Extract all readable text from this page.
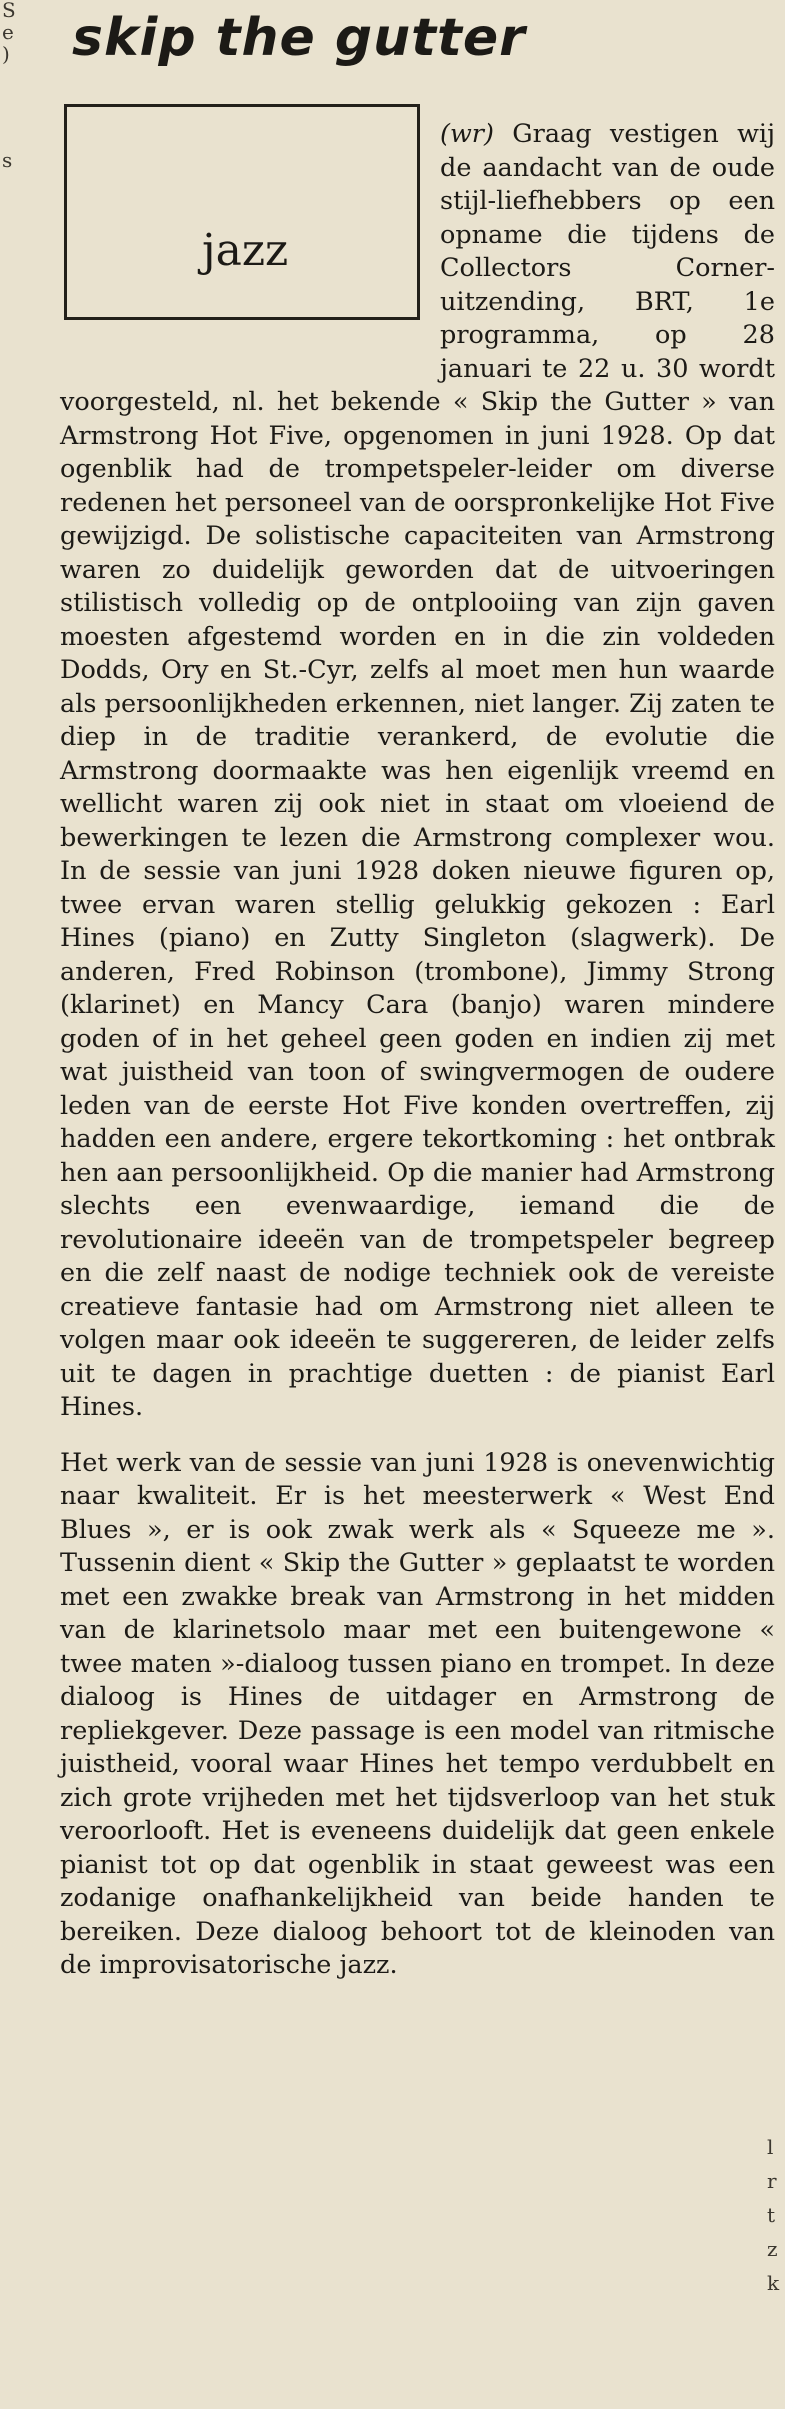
S
e
)
s
skip the gutter
jazz

(wr) Graag vestigen wij de aandacht van de oude stijl-liefhebbers op een opname die tijdens de Collectors Corner-uitzending, BRT, 1e programma, op 28 januari te 22 u. 30 wordt voorgesteld, nl. het bekende « Skip the Gutter » van Armstrong Hot Five, opgenomen in juni 1928. Op dat ogenblik had de trompetspeler-leider om diverse redenen het personeel van de oorspronkelijke Hot Five gewijzigd. De solistische capaciteiten van Armstrong waren zo duidelijk geworden dat de uitvoeringen stilistisch volledig op de ontplooiing van zijn gaven moesten afgestemd worden en in die zin voldeden Dodds, Ory en St.-Cyr, zelfs al moet men hun waarde als persoonlijkheden erkennen, niet langer. Zij zaten te diep in de traditie verankerd, de evolutie die Armstrong doormaakte was hen eigenlijk vreemd en wellicht waren zij ook niet in staat om vloeiend de bewerkingen te lezen die Armstrong complexer wou. In de sessie van juni 1928 doken nieuwe figuren op, twee ervan waren stellig gelukkig gekozen : Earl Hines (piano) en Zutty Singleton (slagwerk). De anderen, Fred Robinson (trombone), Jimmy Strong (klarinet) en Mancy Cara (banjo) waren mindere goden of in het geheel geen goden en indien zij met wat juistheid van toon of swingvermogen de oudere leden van de eerste Hot Five konden overtreffen, zij hadden een andere, ergere tekortkoming : het ontbrak hen aan persoonlijkheid. Op die manier had Armstrong slechts een evenwaardige, iemand die de revolutionaire ideeën van de trompetspeler begreep en die zelf naast de nodige techniek ook de vereiste creatieve fantasie had om Armstrong niet alleen te volgen maar ook ideeën te suggereren, de leider zelfs uit te dagen in prachtige duetten : de pianist Earl Hines.

Het werk van de sessie van juni 1928 is onevenwichtig naar kwaliteit. Er is het meesterwerk « West End Blues », er is ook zwak werk als « Squeeze me ». Tussenin dient « Skip the Gutter » geplaatst te worden met een zwakke break van Armstrong in het midden van de klarinetsolo maar met een buitengewone « twee maten »-dialoog tussen piano en trompet. In deze dialoog is Hines de uitdager en Armstrong de repliekgever. Deze passage is een model van ritmische juistheid, vooral waar Hines het tempo verdubbelt en zich grote vrijheden met het tijdsverloop van het stuk veroorlooft. Het is eveneens duidelijk dat geen enkele pianist tot op dat ogenblik in staat geweest was een zodanige onafhankelijkheid van beide handen te bereiken. Deze dialoog behoort tot de kleinoden van de improvisatorische jazz.

l
r
t
z
k
